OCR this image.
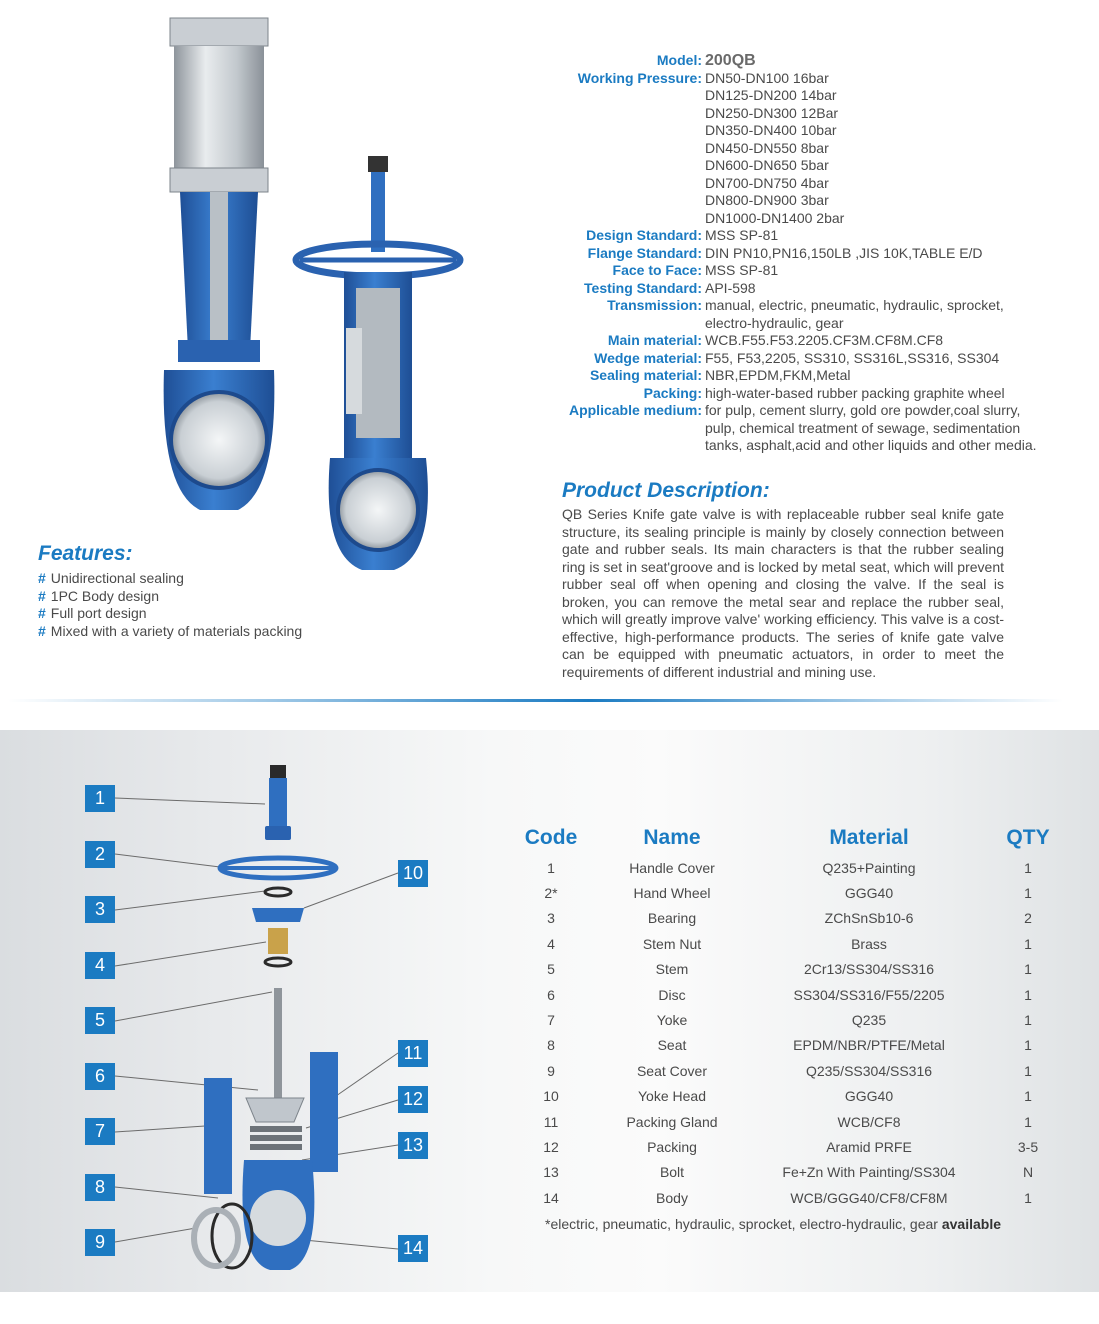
Model: 200QB
Working Pressure: DN50-DN100 16bar
DN125-DN200 14bar
DN250-DN300 12Bar
DN350-DN400 10bar
DN450-DN550 8bar
DN600-DN650 5bar
DN700-DN750 4bar
DN800-DN900 3bar
DN1000-DN1400 2bar
Design Standard: MSS SP-81
Flange Standard: DIN PN10,PN16,150LB ,JIS 10K,TABLE E/D
Face to Face: MSS SP-81
Testing Standard: API-598
Transmission: manual, electric, pneumatic, hydraulic, sprocket,
electro-hydraulic, gear
Main material: WCB.F55.F53.2205.CF3M.CF8M.CF8
Wedge material: F55, F53,2205, SS310, SS316L,SS316, SS304
Sealing material: NBR,EPDM,FKM,Metal
Packing: high-water-based rubber packing graphite wheel
Applicable medium: for pulp, cement slurry, gold ore powder,coal slurry,
pulp, chemical treatment of sewage, sedimentation
tanks, asphalt,acid and other liquids and other media.
Features:
# Unidirectional sealing
# 1PC Body design
# Full port design
# Mixed with a variety of materials packing
Product Description:

QB Series Knife gate valve is with replaceable rubber seal knife gate structure, its sealing principle is mainly by closely connection between gate and rubber seals. Its main characters is that the rubber sealing ring is set in seat'groove and is locked by metal seat, which will prevent rubber seal off when opening and closing the valve. If the seal is broken, you can remove the metal sear and replace the rubber seal, which will greatly improve valve' working efficiency. This valve is a cost-effective, high-performance products. The series of knife gate valve can be equipped with pneumatic actuators, in order to meet the requirements of different industrial and mining use.

1
2
3
4
5
6
7
8
9
10
11
12
13
14
Code	Name	Material	QTY
1	Handle Cover	Q235+Painting	1
2*	Hand Wheel	GGG40	1
3	Bearing	ZChSnSb10-6	2
4	Stem Nut	Brass	1
5	Stem	2Cr13/SS304/SS316	1
6	Disc	SS304/SS316/F55/2205	1
7	Yoke	Q235	1
8	Seat	EPDM/NBR/PTFE/Metal	1
9	Seat Cover	Q235/SS304/SS316	1
10	Yoke Head	GGG40	1
11	Packing Gland	WCB/CF8	1
12	Packing	Aramid PRFE	3-5
13	Bolt	Fe+Zn With Painting/SS304	N
14	Body	WCB/GGG40/CF8/CF8M	1
*electric, pneumatic, hydraulic, sprocket, electro-hydraulic, gear available
